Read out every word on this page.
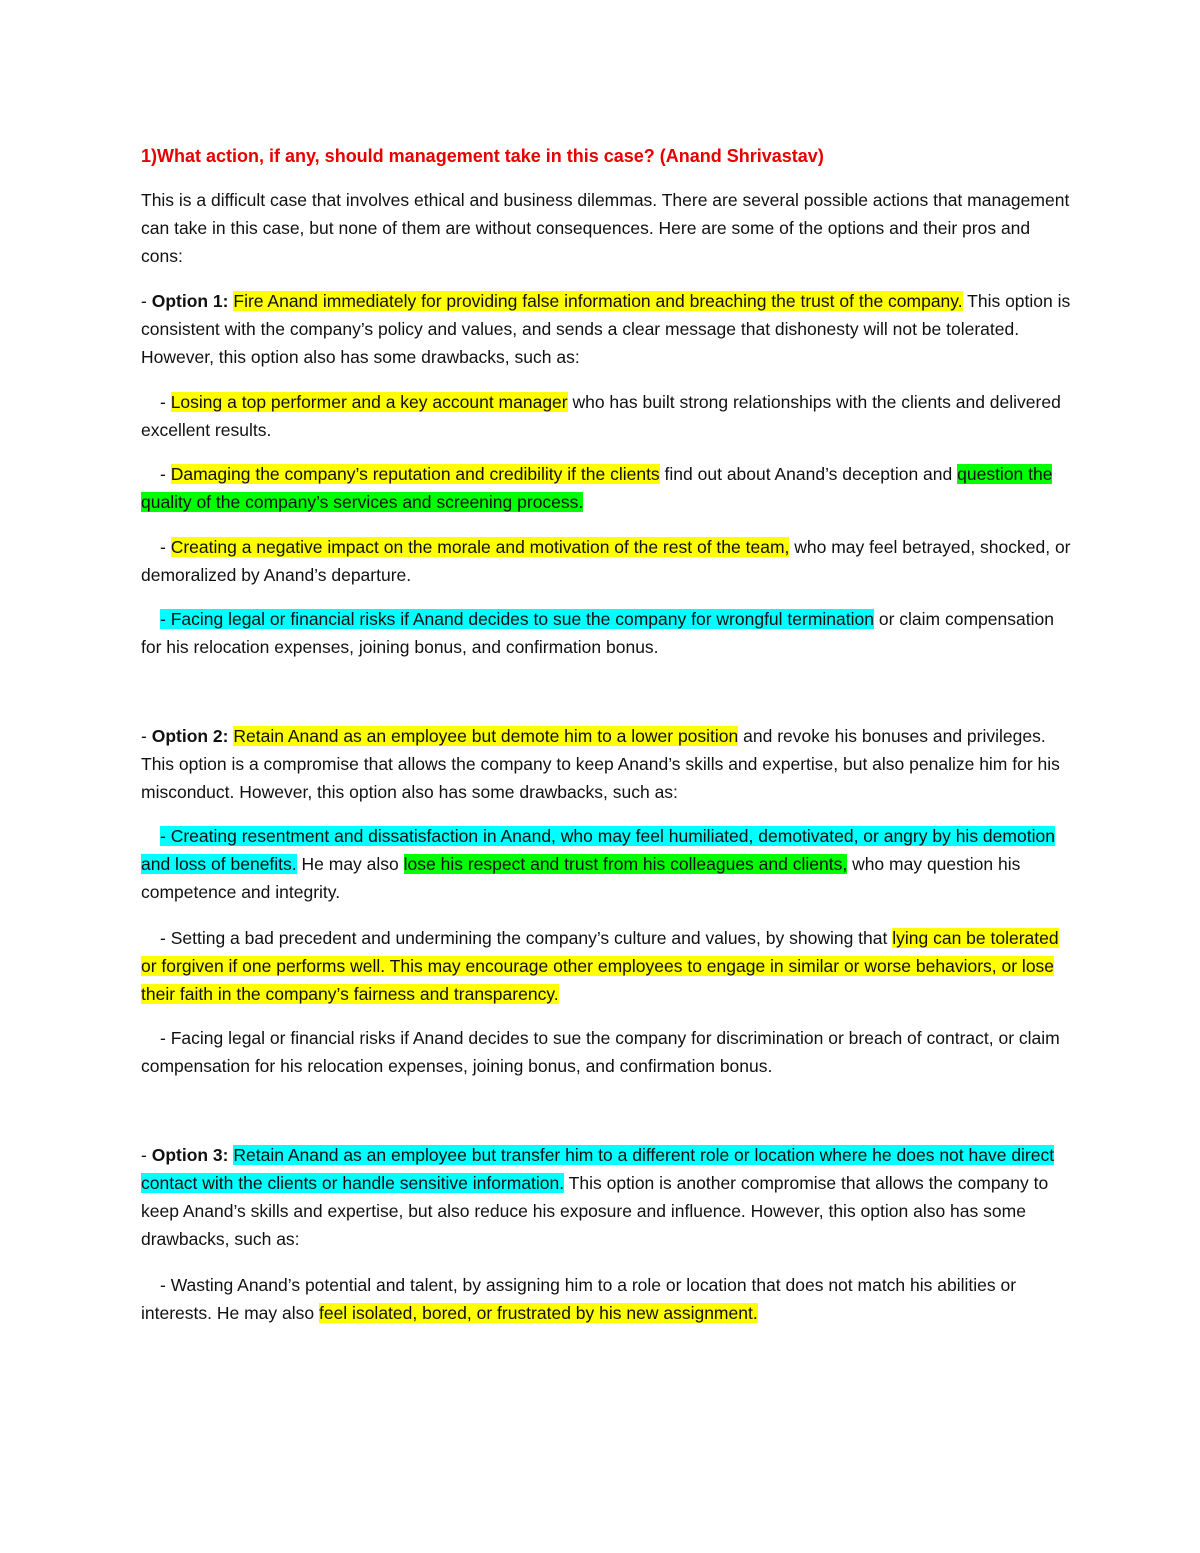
1)What action, if any, should management take in this case? (Anand Shrivastav)

This is a difficult case that involves ethical and business dilemmas. There are several possible actions that management can take in this case, but none of them are without consequences. Here are some of the options and their pros and cons:

- Option 1: Fire Anand immediately for providing false information and breaching the trust of the company. This option is consistent with the company’s policy and values, and sends a clear message that dishonesty will not be tolerated. However, this option also has some drawbacks, such as:

- Losing a top performer and a key account manager who has built strong relationships with the clients and delivered excellent results.

- Damaging the company’s reputation and credibility if the clients find out about Anand’s deception and question the quality of the company’s services and screening process.

- Creating a negative impact on the morale and motivation of the rest of the team, who may feel betrayed, shocked, or demoralized by Anand’s departure.

- Facing legal or financial risks if Anand decides to sue the company for wrongful termination or claim compensation for his relocation expenses, joining bonus, and confirmation bonus.

- Option 2: Retain Anand as an employee but demote him to a lower position and revoke his bonuses and privileges. This option is a compromise that allows the company to keep Anand’s skills and expertise, but also penalize him for his misconduct. However, this option also has some drawbacks, such as:

- Creating resentment and dissatisfaction in Anand, who may feel humiliated, demotivated, or angry by his demotion and loss of benefits. He may also lose his respect and trust from his colleagues and clients, who may question his competence and integrity.

- Setting a bad precedent and undermining the company’s culture and values, by showing that lying can be tolerated or forgiven if one performs well. This may encourage other employees to engage in similar or worse behaviors, or lose their faith in the company’s fairness and transparency.

- Facing legal or financial risks if Anand decides to sue the company for discrimination or breach of contract, or claim compensation for his relocation expenses, joining bonus, and confirmation bonus.

- Option 3: Retain Anand as an employee but transfer him to a different role or location where he does not have direct contact with the clients or handle sensitive information. This option is another compromise that allows the company to keep Anand’s skills and expertise, but also reduce his exposure and influence. However, this option also has some drawbacks, such as:

- Wasting Anand’s potential and talent, by assigning him to a role or location that does not match his abilities or interests. He may also feel isolated, bored, or frustrated by his new assignment.
